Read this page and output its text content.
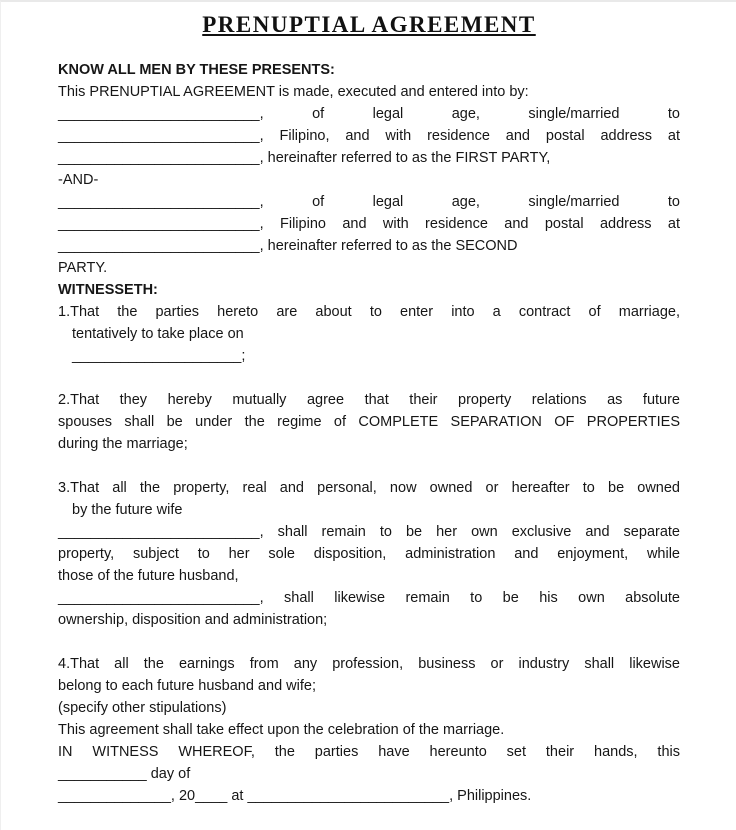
PRENUPTIAL AGREEMENT
KNOW ALL MEN BY THESE PRESENTS:
This PRENUPTIAL AGREEMENT is made, executed and entered into by:
_________________________, of legal age, single/married to
_________________________, Filipino, and with residence and postal address at
_________________________, hereinafter referred to as the FIRST PARTY,
-AND-
_________________________, of legal age, single/married to
_________________________, Filipino and with residence and postal address at
_________________________, hereinafter referred to as the SECOND
PARTY.
WITNESSETH:
1.That the parties hereto are about to enter into a contract of marriage,
tentatively to take place on
_____________________;
2.That they hereby mutually agree that their property relations as future
spouses shall be under the regime of COMPLETE SEPARATION OF PROPERTIES
during the marriage;
3.That all the property, real and personal, now owned or hereafter to be owned
by the future wife
_________________________, shall remain to be her own exclusive and separate
property, subject to her sole disposition, administration and enjoyment, while
those of the future husband,
_________________________, shall likewise remain to be his own absolute
ownership, disposition and administration;
4.That all the earnings from any profession, business or industry shall likewise
belong to each future husband and wife;
(specify other stipulations)
This agreement shall take effect upon the celebration of the marriage.
IN WITNESS WHEREOF, the parties have hereunto set their hands, this
___________ day of
______________, 20____ at _________________________, Philippines.
